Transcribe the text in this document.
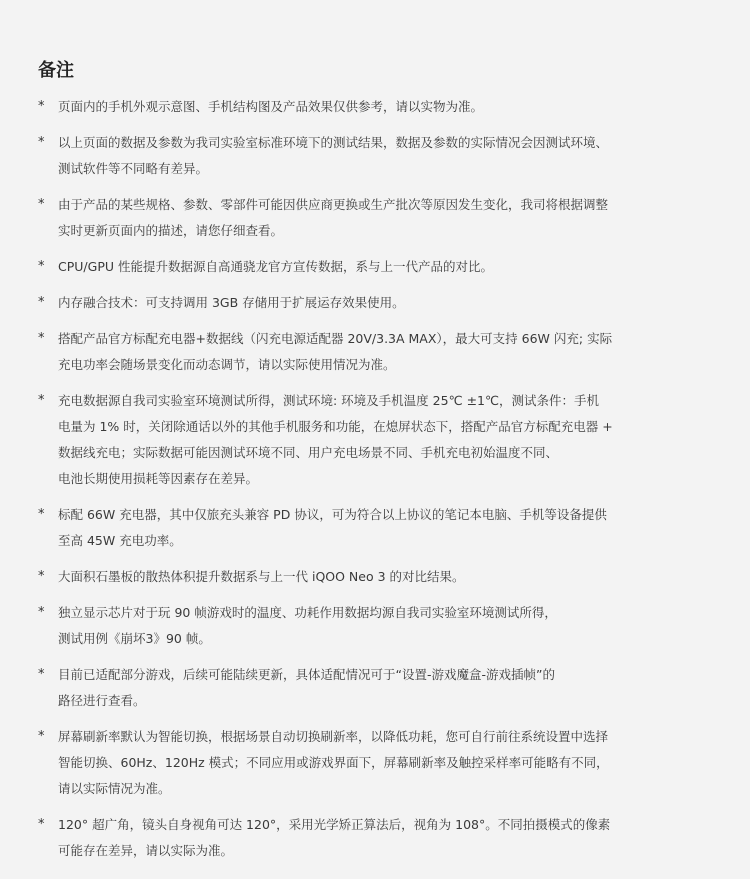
备注
* 页面内的手机外观示意图、手机结构图及产品效果仅供参考，请以实物为准。
* 以上页面的数据及参数为我司实验室标准环境下的测试结果，数据及参数的实际情况会因测试环境、
测试软件等不同略有差异。
* 由于产品的某些规格、参数、零部件可能因供应商更换或生产批次等原因发生变化，我司将根据调整
实时更新页面内的描述，请您仔细查看。
* CPU/GPU 性能提升数据源自高通骁龙官方宣传数据，系与上一代产品的对比。
* 内存融合技术：可支持调用 3GB 存储用于扩展运存效果使用。
* 搭配产品官方标配充电器+数据线（闪充电源适配器 20V/3.3A MAX），最大可支持 66W 闪充; 实际
充电功率会随场景变化而动态调节，请以实际使用情况为准。
* 充电数据源自我司实验室环境测试所得，测试环境: 环境及手机温度 25℃ ±1℃，测试条件：手机
电量为 1% 时，关闭除通话以外的其他手机服务和功能，在熄屏状态下，搭配产品官方标配充电器 +
数据线充电；实际数据可能因测试环境不同、用户充电场景不同、手机充电初始温度不同、
电池长期使用损耗等因素存在差异。
* 标配 66W 充电器，其中仅旅充头兼容 PD 协议，可为符合以上协议的笔记本电脑、手机等设备提供
至高 45W 充电功率。
* 大面积石墨板的散热体积提升数据系与上一代 iQOO Neo 3 的对比结果。
* 独立显示芯片对于玩 90 帧游戏时的温度、功耗作用数据均源自我司实验室环境测试所得，
测试用例《崩坏3》90 帧。
* 目前已适配部分游戏，后续可能陆续更新，具体适配情况可于“设置-游戏魔盒-游戏插帧”的
路径进行查看。
* 屏幕刷新率默认为智能切换，根据场景自动切换刷新率，以降低功耗，您可自行前往系统设置中选择
智能切换、60Hz、120Hz 模式；不同应用或游戏界面下，屏幕刷新率及触控采样率可能略有不同，
请以实际情况为准。
* 120° 超广角，镜头自身视角可达 120°，采用光学矫正算法后，视角为 108°。不同拍摄模式的像素
可能存在差异，请以实际为准。
